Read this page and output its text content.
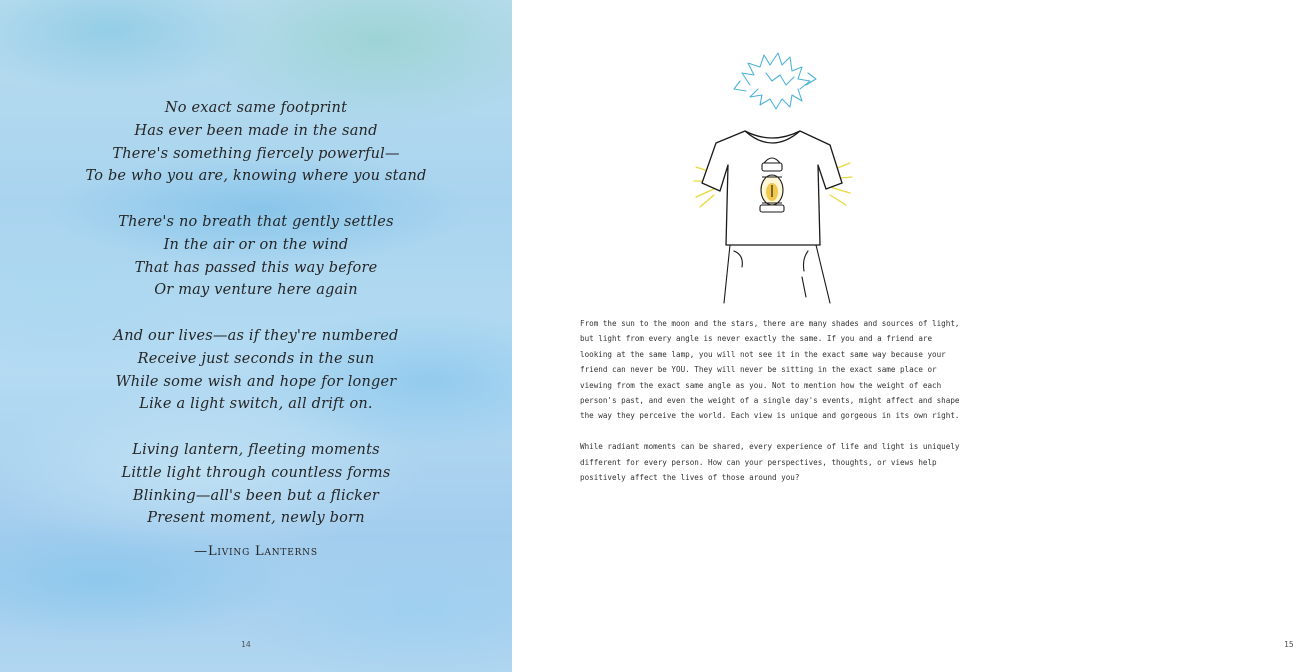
No exact same footprint
Has ever been made in the sand
There's something fiercely powerful—
To be who you are, knowing where you stand
There's no breath that gently settles
In the air or on the wind
That has passed this way before
Or may venture here again
And our lives—as if they're numbered
Receive just seconds in the sun
While some wish and hope for longer
Like a light switch, all drift on.
Living lantern, fleeting moments
Little light through countless forms
Blinking—all's been but a flicker
Present moment, newly born
—Living Lanterns
14

From the sun to the moon and the stars, there are many shades and sources of light, but light from every angle is never exactly the same. If you and a friend are looking at the same lamp, you will not see it in the exact same way because your friend can never be YOU. They will never be sitting in the exact same place or viewing from the exact same angle as you. Not to mention how the weight of each person's past, and even the weight of a single day's events, might affect and shape the way they perceive the world. Each view is unique and gorgeous in its own right.

While radiant moments can be shared, every experience of life and light is uniquely different for every person. How can your perspectives, thoughts, or views help positively affect the lives of those around you?

15
